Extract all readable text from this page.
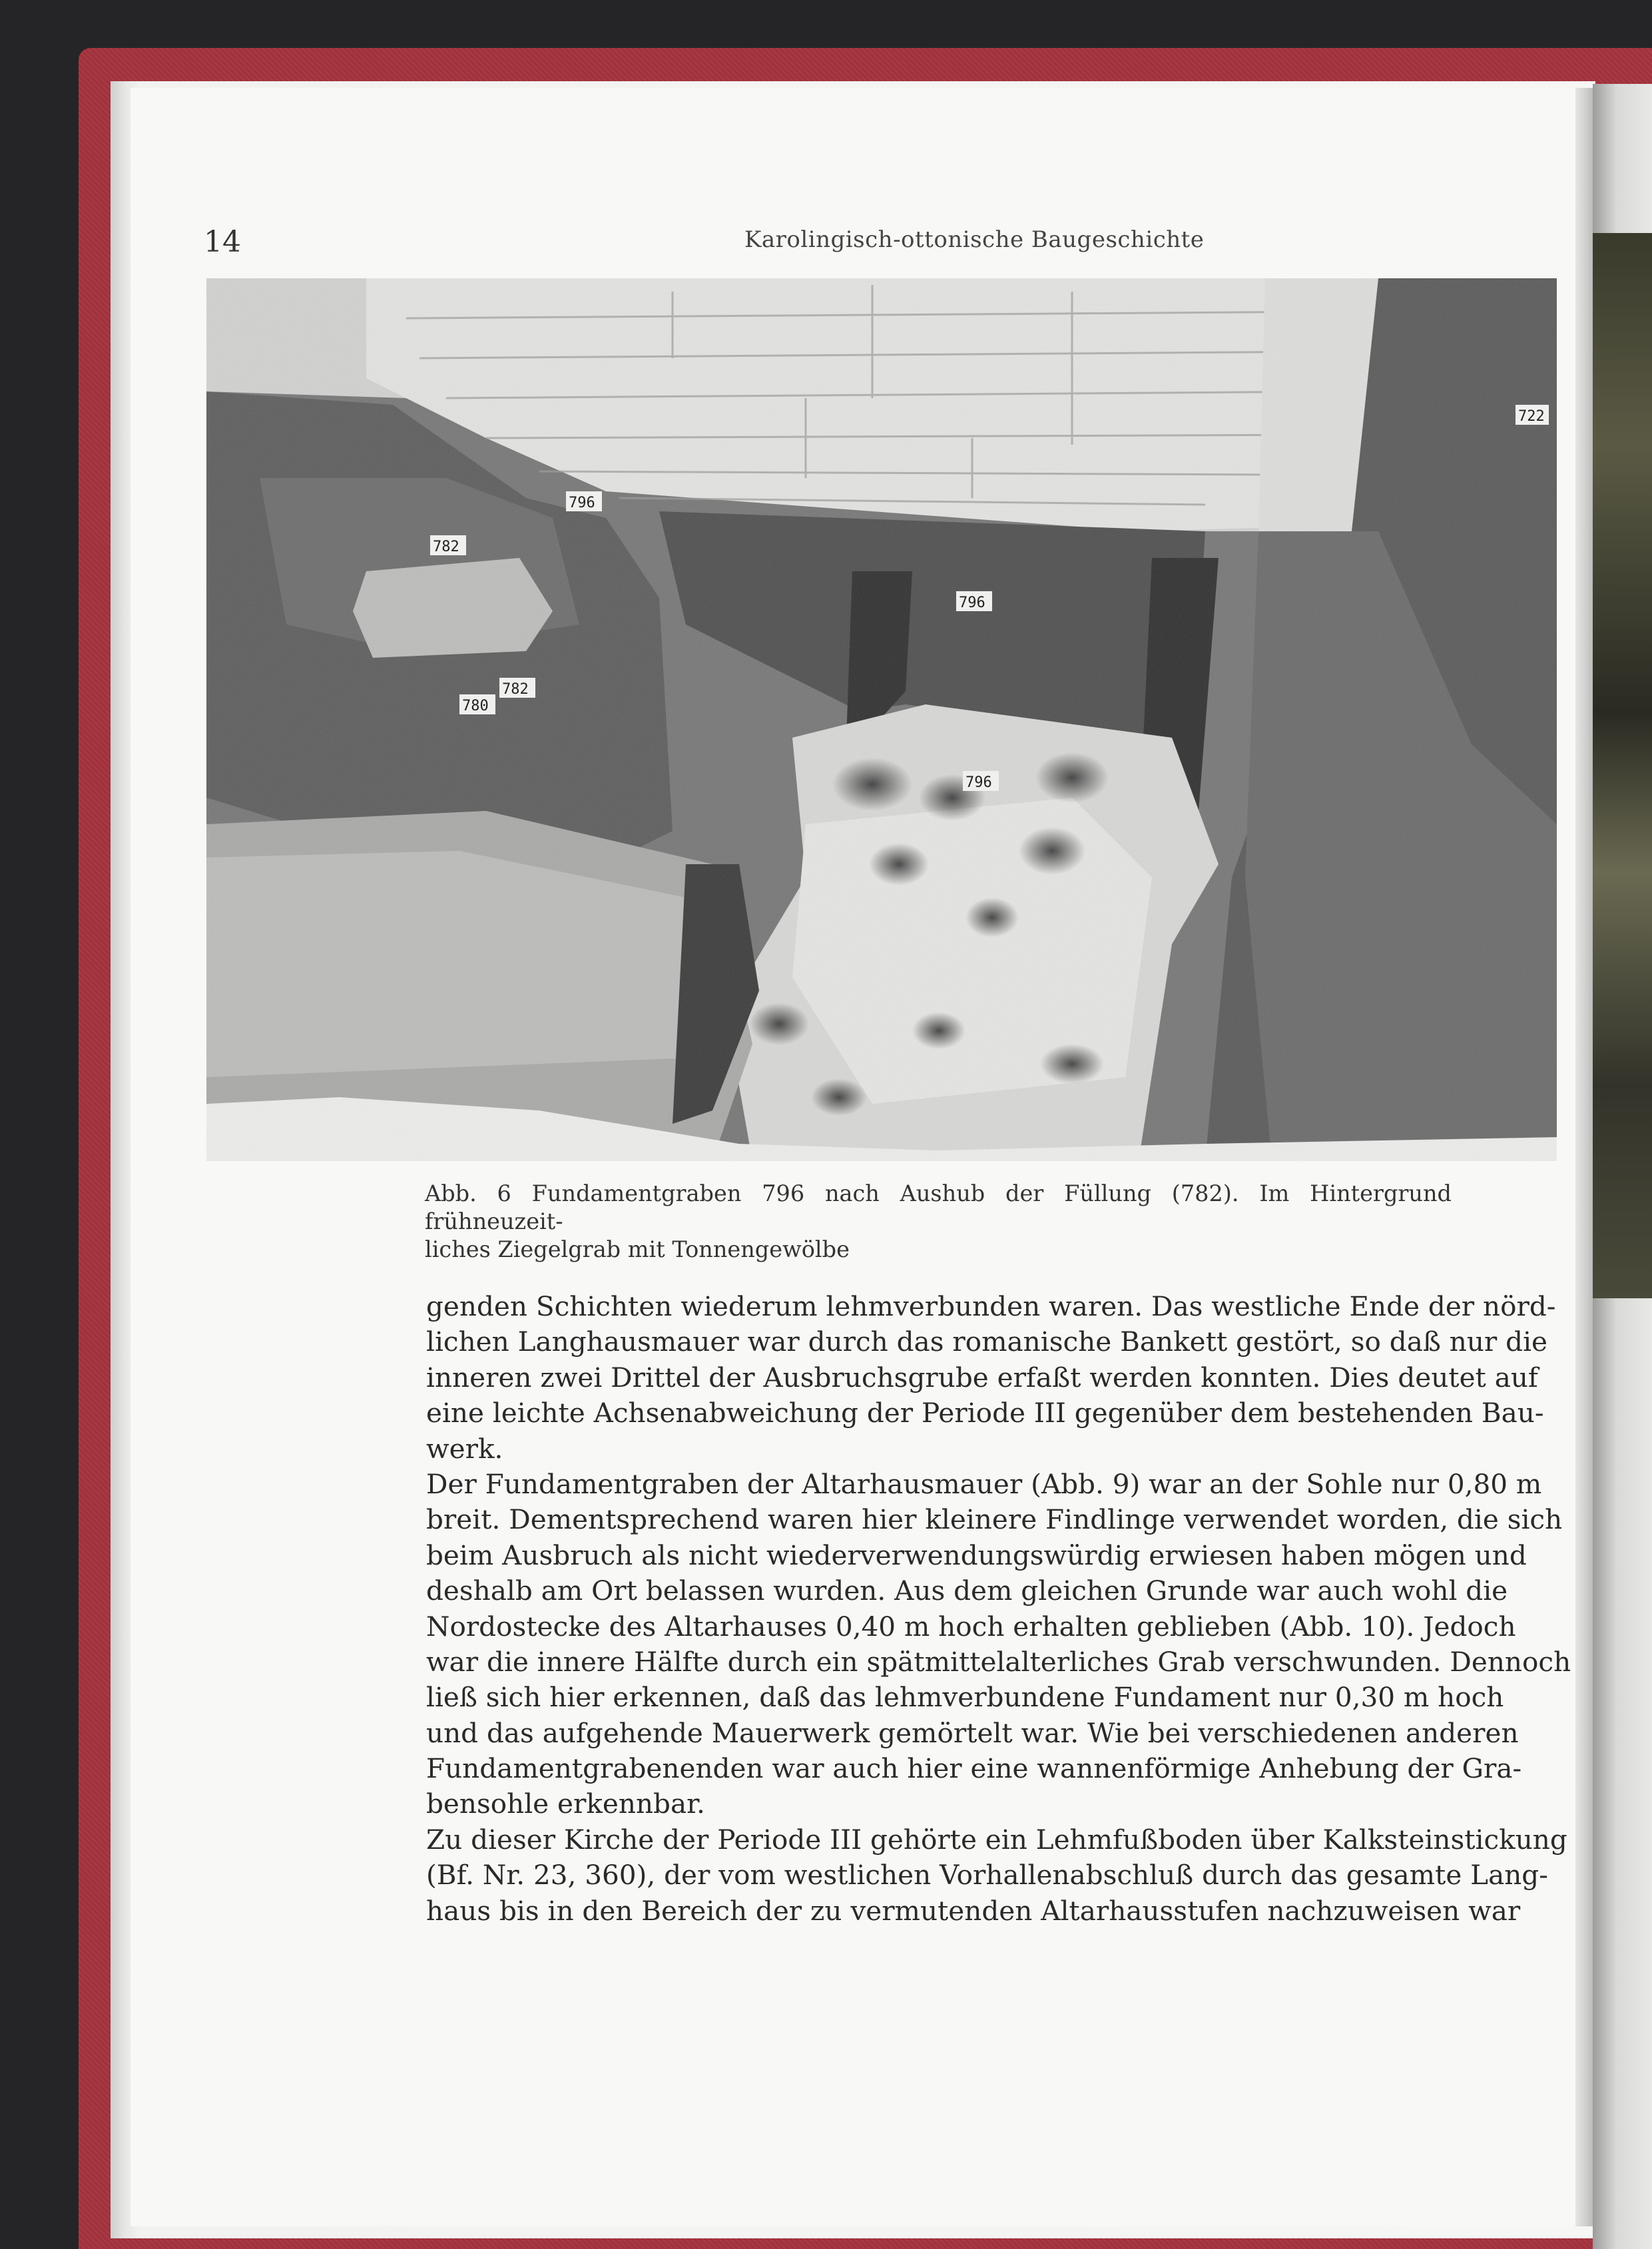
14	Karolingisch-ottonische Baugeschichte
722
796
782
796
782
780
796
Abb. 6 Fundamentgraben 796 nach Aushub der Füllung (782). Im Hintergrund frühneuzeit-
liches Ziegelgrab mit Tonnengewölbe
genden Schichten wiederum lehmverbunden waren. Das westliche Ende der nörd-
lichen Langhausmauer war durch das romanische Bankett gestört, so daß nur die
inneren zwei Drittel der Ausbruchsgrube erfaßt werden konnten. Dies deutet auf
eine leichte Achsenabweichung der Periode III gegenüber dem bestehenden Bau-
werk.
Der Fundamentgraben der Altarhausmauer (Abb. 9) war an der Sohle nur 0,80 m
breit. Dementsprechend waren hier kleinere Findlinge verwendet worden, die sich
beim Ausbruch als nicht wiederverwendungswürdig erwiesen haben mögen und
deshalb am Ort belassen wurden. Aus dem gleichen Grunde war auch wohl die
Nordostecke des Altarhauses 0,40 m hoch erhalten geblieben (Abb. 10). Jedoch
war die innere Hälfte durch ein spätmittelalterliches Grab verschwunden. Dennoch
ließ sich hier erkennen, daß das lehmverbundene Fundament nur 0,30 m hoch
und das aufgehende Mauerwerk gemörtelt war. Wie bei verschiedenen anderen
Fundamentgrabenenden war auch hier eine wannenförmige Anhebung der Gra-
bensohle erkennbar.
Zu dieser Kirche der Periode III gehörte ein Lehmfußboden über Kalksteinstickung
(Bf. Nr. 23, 360), der vom westlichen Vorhallenabschluß durch das gesamte Lang-
haus bis in den Bereich der zu vermutenden Altarhausstufen nachzuweisen war
